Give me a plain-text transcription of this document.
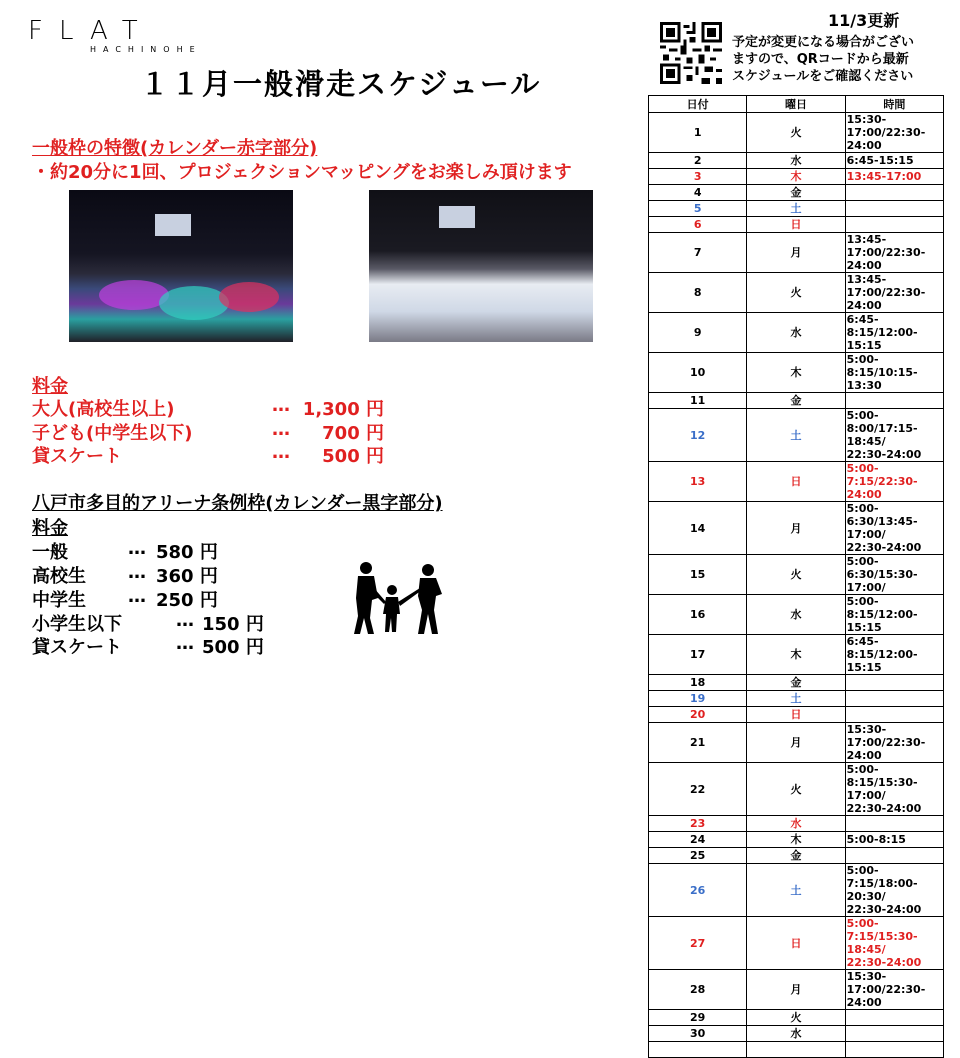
FLAT
HACHINOHE
１１月一般滑走スケジュール
一般枠の特徴(カレンダー赤字部分)
・約20分に1回、プロジェクションマッピングをお楽しみ頂けます
料金
大人(高校生以上)	… 1,300 円
子ども(中学生以下)	… 700 円
貸スケート	… 500 円
八戸市多目的アリーナ条例枠(カレンダー黒字部分)
料金
一般	… 580 円
高校生 … 360 円
中学生 … 250 円
小学生以下	… 150 円
貸スケート	… 500 円
11/3更新
予定が変更になる場合がござい
ますので、QRコードから最新
スケジュールをご確認ください
日付	曜日	時間
1	火	15:30-17:00/22:30-24:00
2	水	6:45-15:15
3	木	13:45-17:00
4	金	
5	土	
6	日	
7	月	13:45-17:00/22:30-24:00
8	火	13:45-17:00/22:30-24:00
9	水	6:45-8:15/12:00-15:15
10	木	5:00-8:15/10:15-13:30
11	金	
12	土	5:00-8:00/17:15-18:45/
22:30-24:00
13	日	5:00-7:15/22:30-24:00
14	月	5:00-6:30/13:45-17:00/
22:30-24:00
15	火	5:00-6:30/15:30-17:00/
16	水	5:00-8:15/12:00-15:15
17	木	6:45-8:15/12:00-15:15
18	金	
19	土	
20	日	
21	月	15:30-17:00/22:30-24:00
22	火	5:00-8:15/15:30-17:00/
22:30-24:00
23	水	
24	木	5:00-8:15
25	金	
26	土	5:00-7:15/18:00-20:30/
22:30-24:00
27	日	5:00-7:15/15:30-18:45/
22:30-24:00
28	月	15:30-17:00/22:30-24:00
29	火	
30	水	
